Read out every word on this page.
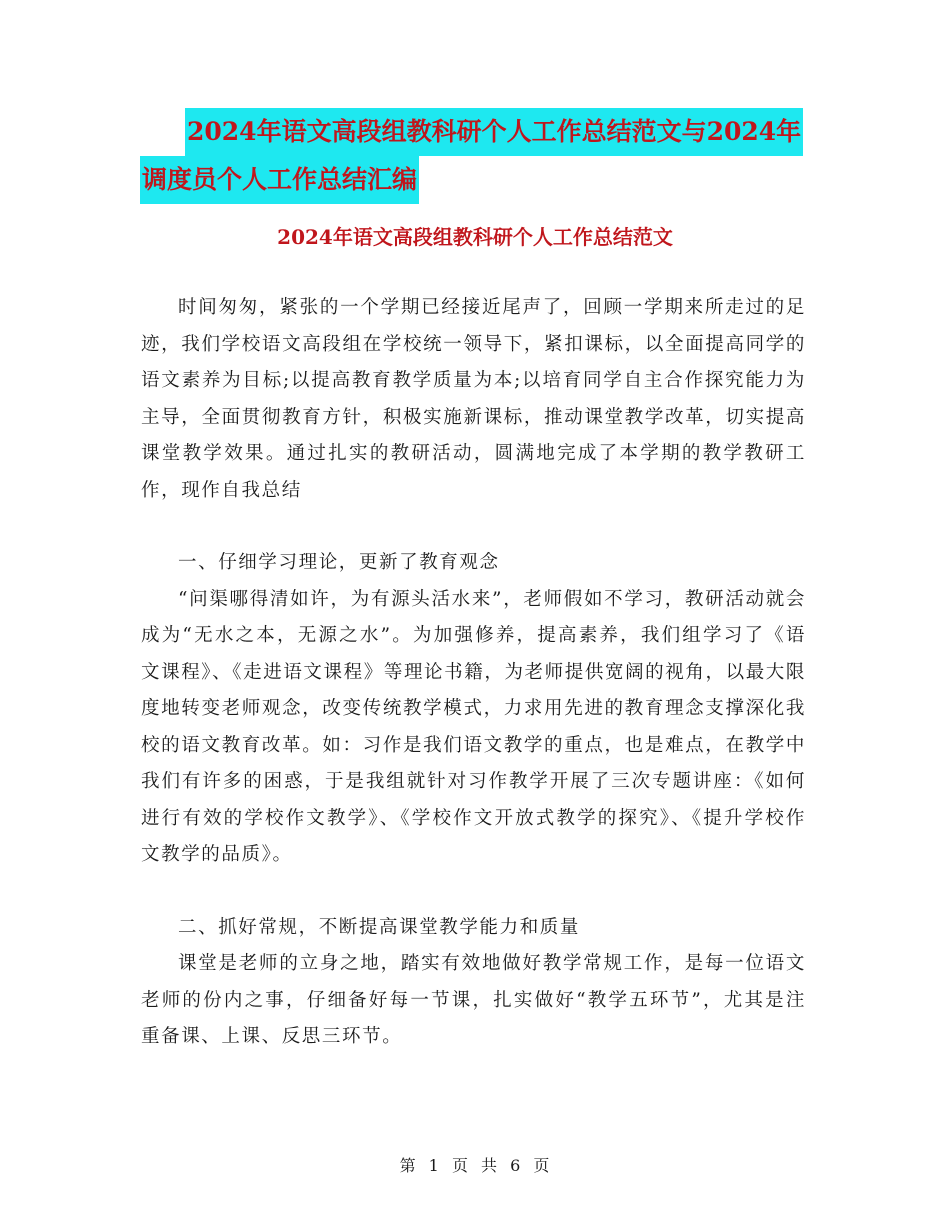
2024年语文高段组教科研个人工作总结范文与2024年
调度员个人工作总结汇编
2024年语文高段组教科研个人工作总结范文

时间匆匆，紧张的一个学期已经接近尾声了，回顾一学期来所走过的足迹，我们学校语文高段组在学校统一领导下，紧扣课标，以全面提高同学的语文素养为目标;以提高教育教学质量为本;以培育同学自主合作探究能力为主导，全面贯彻教育方针，积极实施新课标，推动课堂教学改革，切实提高课堂教学效果。通过扎实的教研活动，圆满地完成了本学期的教学教研工作，现作自我总结

一、仔细学习理论，更新了教育观念

“问渠哪得清如许，为有源头活水来”，老师假如不学习，教研活动就会成为“无水之本，无源之水”。为加强修养，提高素养，我们组学习了《语文课程》、《走进语文课程》等理论书籍，为老师提供宽阔的视角，以最大限度地转变老师观念，改变传统教学模式，力求用先进的教育理念支撑深化我校的语文教育改革。如：习作是我们语文教学的重点，也是难点，在教学中我们有许多的困惑，于是我组就针对习作教学开展了三次专题讲座：《如何进行有效的学校作文教学》、《学校作文开放式教学的探究》、《提升学校作文教学的品质》。

二、抓好常规，不断提高课堂教学能力和质量

课堂是老师的立身之地，踏实有效地做好教学常规工作，是每一位语文老师的份内之事，仔细备好每一节课，扎实做好“教学五环节”，尤其是注重备课、上课、反思三环节。

第 1 页 共 6 页
